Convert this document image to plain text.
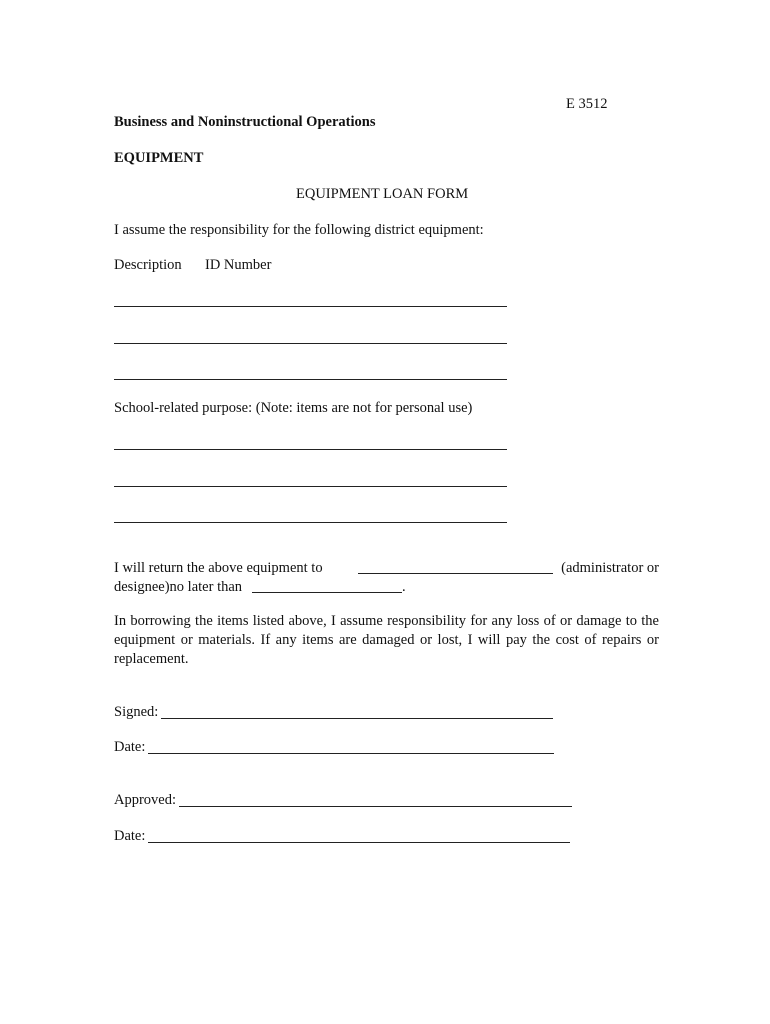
E 3512
Business and Noninstructional Operations
EQUIPMENT
EQUIPMENT LOAN FORM
I assume the responsibility for the following district equipment:
Description ID Number
School-related purpose: (Note: items are not for personal use)
I will return the above equipment to	(administrator or
designee)no later than	.
In borrowing the items listed above, I assume responsibility for any loss of or damage to the equipment or materials. If any items are damaged or lost, I will pay the cost of repairs or replacement.
Signed:
Date:
Approved:
Date:
